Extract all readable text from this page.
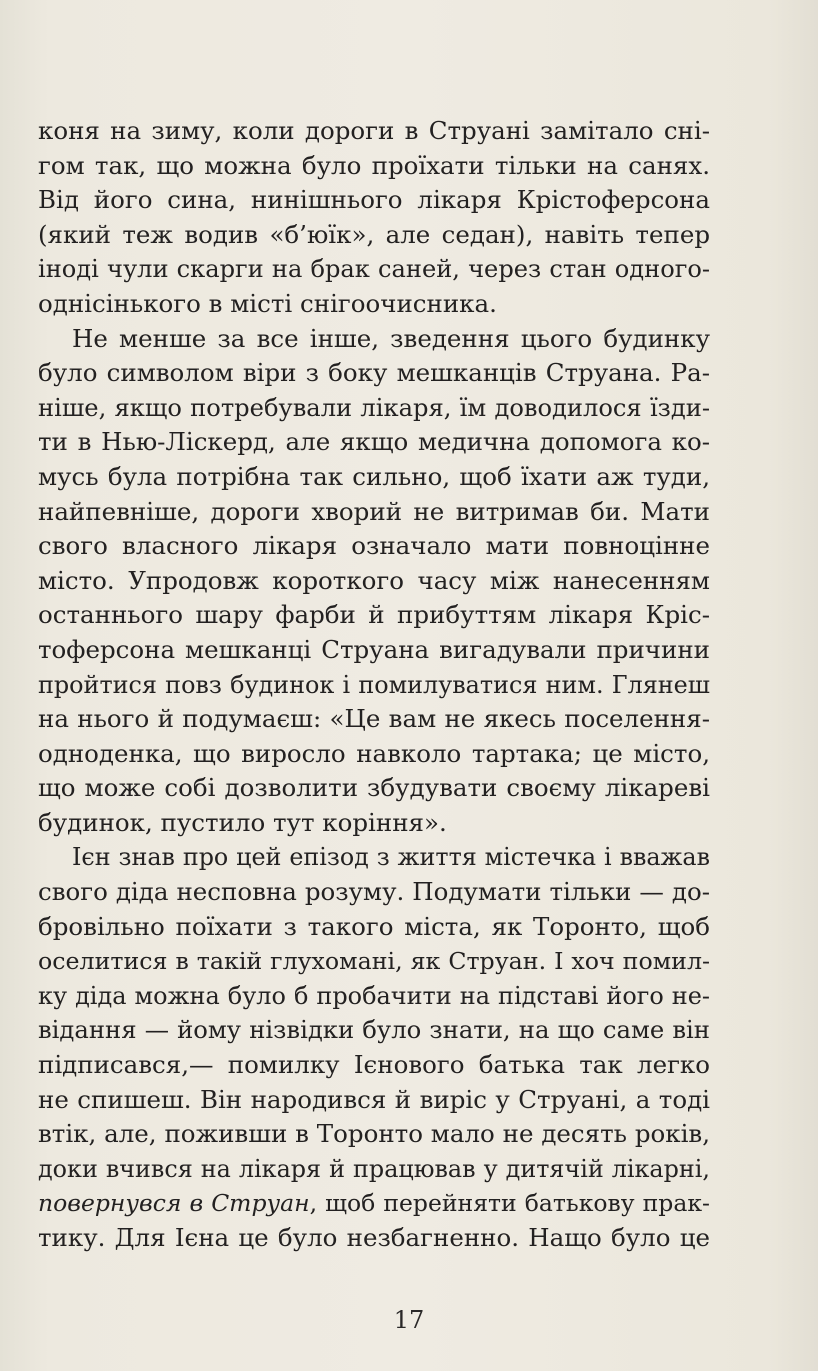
коня на зиму, коли дороги в Струані замітало сні-
гом так, що можна було проїхати тільки на санях.
Від його сина, нинішнього лікаря Крістоферсона
(який теж водив «б’юїк», але седан), навіть тепер
іноді чули скарги на брак саней, через стан одного-
однісінького в місті снігоочисника.
Не менше за все інше, зведення цього будинку
було символом віри з боку мешканців Струана. Ра-
ніше, якщо потребували лікаря, їм доводилося їзди-
ти в Нью-Ліскерд, але якщо медична допомога ко-
мусь була потрібна так сильно, щоб їхати аж туди,
найпевніше, дороги хворий не витримав би. Мати
свого власного лікаря означало мати повноцінне
місто. Упродовж короткого часу між нанесенням
останнього шару фарби й прибуттям лікаря Кріс-
тоферсона мешканці Струана вигадували причини
пройтися повз будинок і помилуватися ним. Глянеш
на нього й подумаєш: «Це вам не якесь поселення-
одноденка, що виросло навколо тартака; це місто,
що може собі дозволити збудувати своєму лікареві
будинок, пустило тут коріння».
Ієн знав про цей епізод з життя містечка і вважав
свого діда несповна розуму. Подумати тільки — до-
бровільно поїхати з такого міста, як Торонто, щоб
оселитися в такій глухомані, як Струан. І хоч помил-
ку діда можна було б пробачити на підставі його не-
відання — йому нізвідки було знати, на що саме він
підписався,— помилку Ієнового батька так легко
не спишеш. Він народився й виріс у Струані, а тоді
втік, але, поживши в Торонто мало не десять років,
доки вчився на лікаря й працював у дитячій лікарні,
повернувся в Струан, щоб перейняти батькову прак-
тику. Для Ієна це було незбагненно. Нащо було це
17
